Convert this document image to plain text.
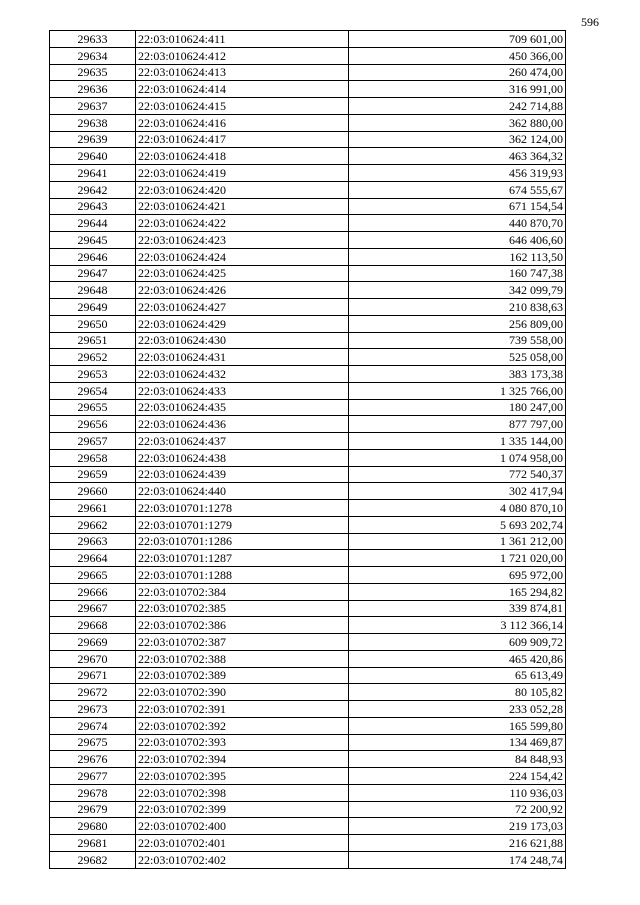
596
29633	22:03:010624:411	709 601,00
29634	22:03:010624:412	450 366,00
29635	22:03:010624:413	260 474,00
29636	22:03:010624:414	316 991,00
29637	22:03:010624:415	242 714,88
29638	22:03:010624:416	362 880,00
29639	22:03:010624:417	362 124,00
29640	22:03:010624:418	463 364,32
29641	22:03:010624:419	456 319,93
29642	22:03:010624:420	674 555,67
29643	22:03:010624:421	671 154,54
29644	22:03:010624:422	440 870,70
29645	22:03:010624:423	646 406,60
29646	22:03:010624:424	162 113,50
29647	22:03:010624:425	160 747,38
29648	22:03:010624:426	342 099,79
29649	22:03:010624:427	210 838,63
29650	22:03:010624:429	256 809,00
29651	22:03:010624:430	739 558,00
29652	22:03:010624:431	525 058,00
29653	22:03:010624:432	383 173,38
29654	22:03:010624:433	1 325 766,00
29655	22:03:010624:435	180 247,00
29656	22:03:010624:436	877 797,00
29657	22:03:010624:437	1 335 144,00
29658	22:03:010624:438	1 074 958,00
29659	22:03:010624:439	772 540,37
29660	22:03:010624:440	302 417,94
29661	22:03:010701:1278	4 080 870,10
29662	22:03:010701:1279	5 693 202,74
29663	22:03:010701:1286	1 361 212,00
29664	22:03:010701:1287	1 721 020,00
29665	22:03:010701:1288	695 972,00
29666	22:03:010702:384	165 294,82
29667	22:03:010702:385	339 874,81
29668	22:03:010702:386	3 112 366,14
29669	22:03:010702:387	609 909,72
29670	22:03:010702:388	465 420,86
29671	22:03:010702:389	65 613,49
29672	22:03:010702:390	80 105,82
29673	22:03:010702:391	233 052,28
29674	22:03:010702:392	165 599,80
29675	22:03:010702:393	134 469,87
29676	22:03:010702:394	84 848,93
29677	22:03:010702:395	224 154,42
29678	22:03:010702:398	110 936,03
29679	22:03:010702:399	72 200,92
29680	22:03:010702:400	219 173,03
29681	22:03:010702:401	216 621,88
29682	22:03:010702:402	174 248,74
